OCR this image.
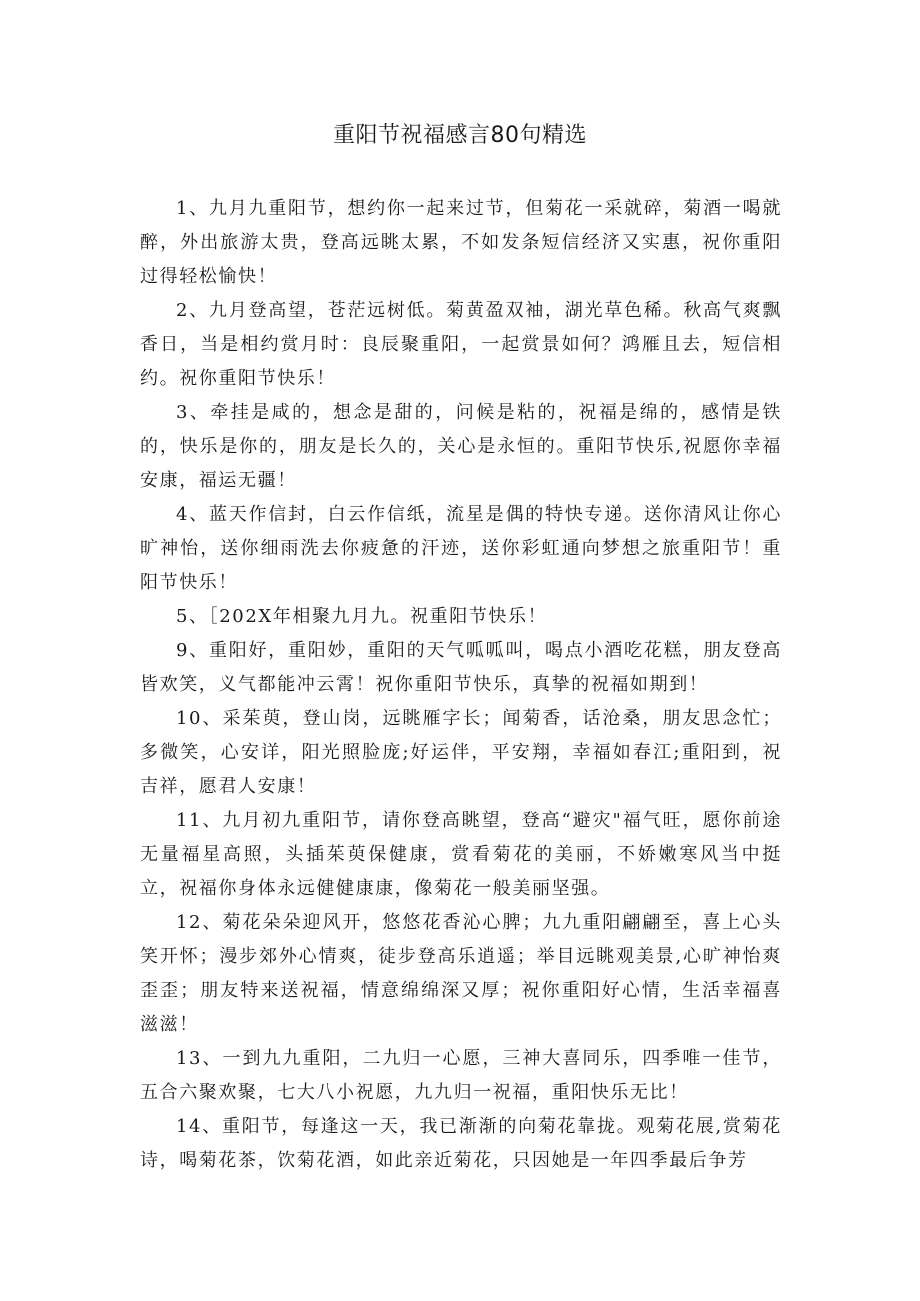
重阳节祝福感言80句精选

1、九月九重阳节，想约你一起来过节，但菊花一采就碎，菊酒一喝就醉，外出旅游太贵，登高远眺太累，不如发条短信经济又实惠，祝你重阳过得轻松愉快！

2、九月登高望，苍茫远树低。菊黄盈双袖，湖光草色稀。秋高气爽飘香日，当是相约赏月时：良辰聚重阳，一起赏景如何？鸿雁且去，短信相约。祝你重阳节快乐！

3、牵挂是咸的，想念是甜的，问候是粘的，祝福是绵的，感情是铁的，快乐是你的，朋友是长久的，关心是永恒的。重阳节快乐,祝愿你幸福安康，福运无疆！

4、蓝天作信封，白云作信纸，流星是偶的特快专递。送你清风让你心旷神怡，送你细雨洗去你疲惫的汗迹，送你彩虹通向梦想之旅重阳节！重阳节快乐！

5、［202X年相聚九月九。祝重阳节快乐！

9、重阳好，重阳妙，重阳的天气呱呱叫，喝点小酒吃花糕，朋友登高皆欢笑，义气都能冲云霄！祝你重阳节快乐，真挚的祝福如期到！

10、采茱萸，登山岗，远眺雁字长；闻菊香，话沧桑，朋友思念忙；多微笑，心安详，阳光照脸庞;好运伴，平安翔，幸福如春江;重阳到，祝吉祥，愿君人安康！

11、九月初九重阳节，请你登高眺望，登高“避灾"福气旺，愿你前途无量福星高照，头插茱萸保健康，赏看菊花的美丽，不娇嫩寒风当中挺立，祝福你身体永远健健康康，像菊花一般美丽坚强。

12、菊花朵朵迎风开，悠悠花香沁心脾；九九重阳翩翩至，喜上心头笑开怀；漫步郊外心情爽，徒步登高乐逍遥；举目远眺观美景,心旷神怡爽歪歪；朋友特来送祝福，情意绵绵深又厚；祝你重阳好心情，生活幸福喜滋滋！

13、一到九九重阳，二九归一心愿，三神大喜同乐，四季唯一佳节，五合六聚欢聚，七大八小祝愿，九九归一祝福，重阳快乐无比！

14、重阳节，每逢这一天，我已渐渐的向菊花靠拢。观菊花展,赏菊花诗，喝菊花茶，饮菊花酒，如此亲近菊花，只因她是一年四季最后争芳
